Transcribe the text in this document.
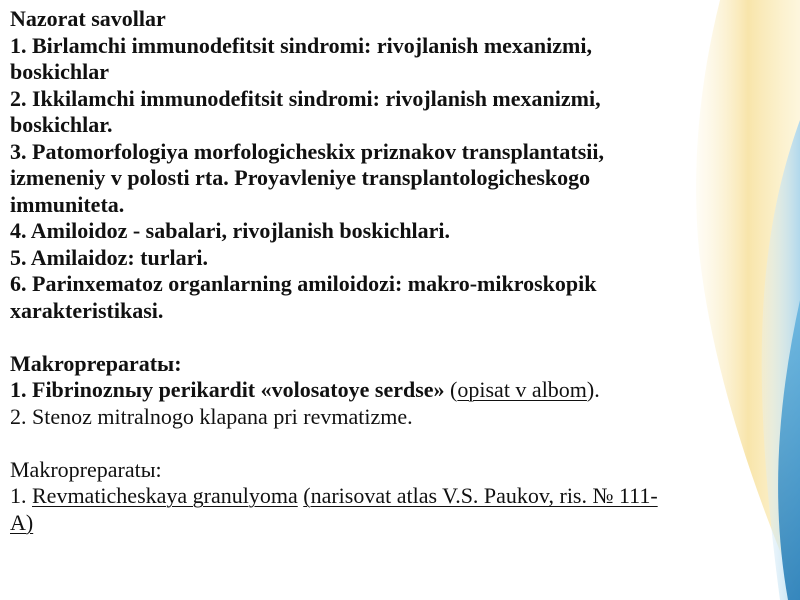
Nazorat savollar
1. Birlamchi immunodefitsit sindromi: rivojlanish mexanizmi,
boskichlar
2. Ikkilamchi immunodefitsit sindromi: rivojlanish mexanizmi,
boskichlar.
3. Patomorfologiya morfologicheskix priznakov transplantatsii,
izmeneniy v polosti rta. Proyavleniye transplantologicheskogo
immuniteta.
4. Amiloidoz - sabalari, rivojlanish boskichlari.
5. Amilaidoz: turlari.
6. Parinxematoz organlarning amiloidozi: makro-mikroskopik
xarakteristikasi.
Makropreparatы:
1. Fibrinoznыy perikardit «volosatoye serdse» (opisat v albom).
2. Stenoz mitralnogo klapana pri revmatizme.
Makropreparatы:
1. Revmaticheskaya granulyoma (narisovat atlas V.S. Paukov, ris. № 111-
A)
